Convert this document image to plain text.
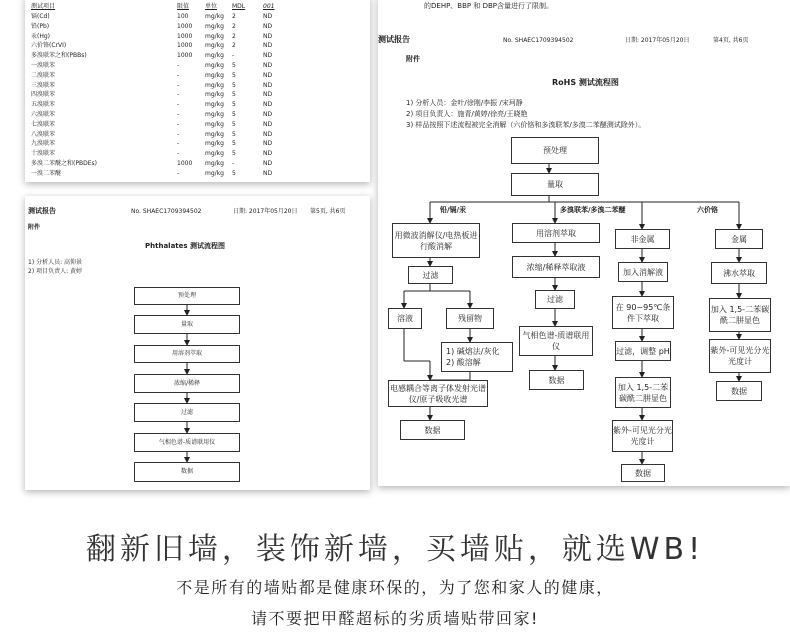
测试项目	限值	单位 MDL	001
镉(Cd)	100	mg/kg 2	ND
铅(Pb)	1000 mg/kg 2	ND
汞(Hg)	1000 mg/kg 2	ND
六价铬(CrVI)	1000 mg/kg 2	ND
多溴联苯之和(PBBs)	1000 mg/kg -	ND
一溴联苯	-	mg/kg 5	ND
二溴联苯	-	mg/kg 5	ND
三溴联苯	-	mg/kg 5	ND
四溴联苯	-	mg/kg 5	ND
五溴联苯	-	mg/kg 5	ND
六溴联苯	-	mg/kg 5	ND
七溴联苯	-	mg/kg 5	ND
八溴联苯	-	mg/kg 5	ND
九溴联苯	-	mg/kg 5	ND
十溴联苯	-	mg/kg 5	ND
多溴二苯醚之和(PBDEs)	1000 mg/kg -	ND
一溴二苯醚	-	mg/kg 5	ND
的DEHP、BBP 和 DBP含量进行了限制。
测试报告	No. SHAEC1709394502	日期: 2017年05月20日	第4页, 共6页
附件
RoHS 测试流程图
1) 分析人员：金叶/徐刚/李振 /宋珂静
2) 项目负责人：施青/黄婷/徐亮/王晓艳
3) 样品按照下述流程被完全消解（六价铬和多溴联苯/多溴二苯醚测试除外）。
铅/镉/汞	多溴联苯/多溴二苯醚	六价铬
预处理
量取
用微波消解仪/电热板进行酸消解
过滤
溶液	残留物
1) 碱熔法/灰化
2) 酸溶解
电感耦合等离子体发射光谱仪/原子吸收光谱
数据
用溶剂萃取
浓缩/稀释萃取液
过滤
气相色谱-质谱联用仪
数据
非金属
加入消解液
在 90~95℃条件下萃取
过滤，调整 pH
加入 1,5-二苯碳酰二肼显色
紫外-可见光分光光度计
数据
金属
沸水萃取
加入 1,5-二苯碳酰二肼显色
紫外-可见光分光光度计
数据
测试报告	No. SHAEC1709394502	日期: 2017年05月20日 第5页, 共6页
附件
Phthalates 测试流程图
1) 分析人员: 高仰景
2) 项目负责人: 黄婷
预处理
量取
用溶剂萃取
浓缩/稀释
过滤
气相色谱-质谱联用仪
数据
翻新旧墙，装饰新墙，买墙贴，就选WB!
不是所有的墙贴都是健康环保的，为了您和家人的健康，
请不要把甲醛超标的劣质墙贴带回家!
